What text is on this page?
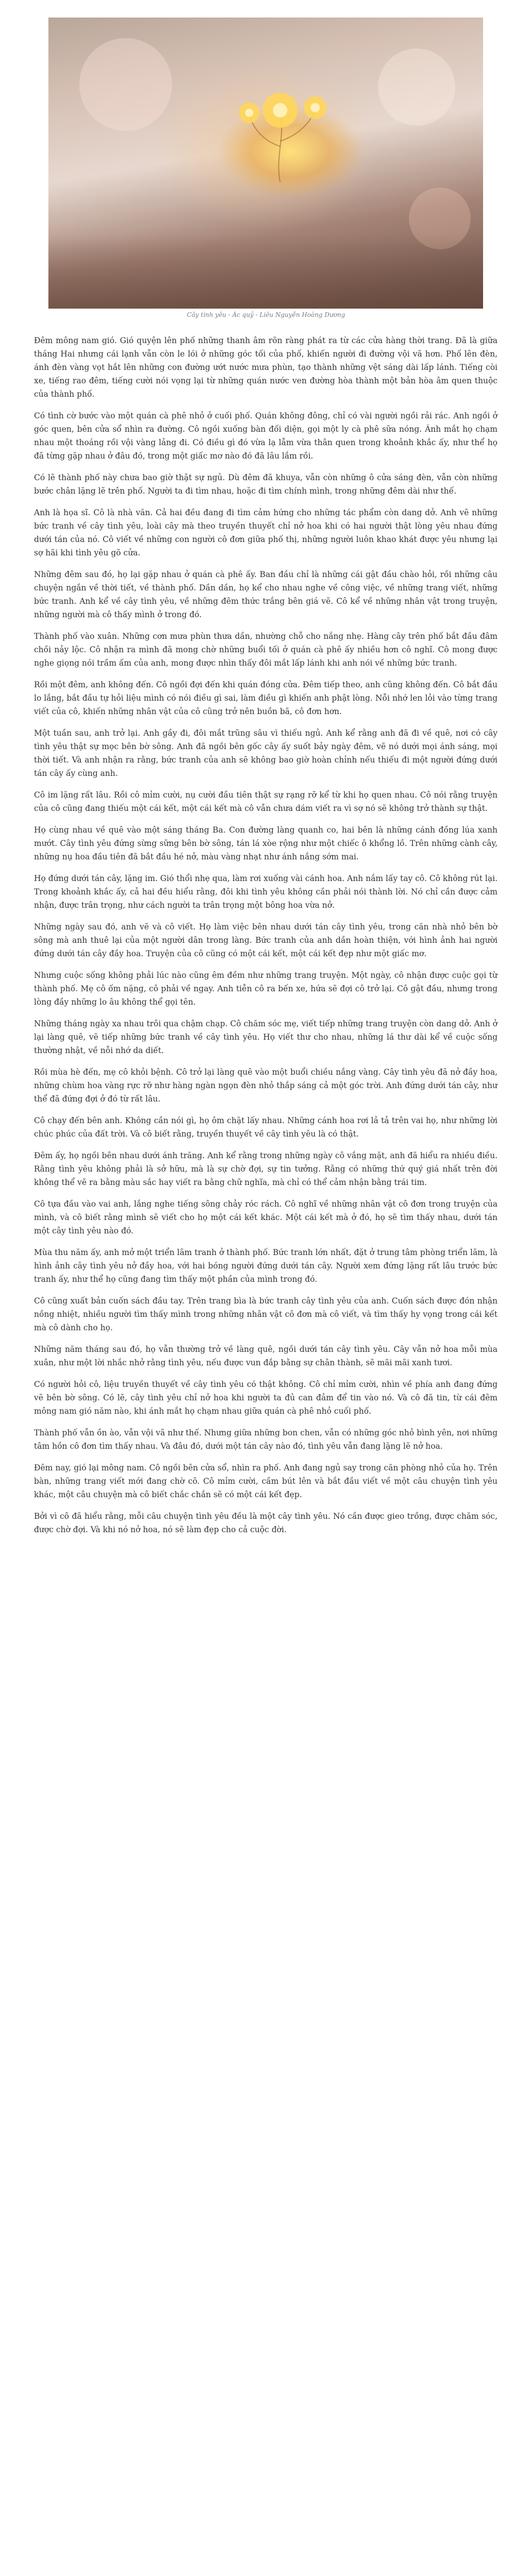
Cây tình yêu - Ác quỷ - Liêu Nguyễn Hoàng Dương

Đêm mông nam gió. Gió quyện lên phố những thanh âm rõn ràng phát ra từ các cửa hàng thời trang. Đã là giữa tháng Hai nhưng cái lạnh vẫn còn le lói ở những góc tối của phố, khiến người đi đường vội vã hơn. Phố lên đèn, ánh đèn vàng vọt hắt lên những con đường ướt nước mưa phùn, tạo thành những vệt sáng dài lấp lánh. Tiếng còi xe, tiếng rao đêm, tiếng cười nói vọng lại từ những quán nước ven đường hòa thành một bản hòa âm quen thuộc của thành phố.

Có tình cờ bước vào một quán cà phê nhỏ ở cuối phố. Quán không đông, chỉ có vài người ngồi rải rác. Anh ngồi ở góc quen, bên cửa sổ nhìn ra đường. Cô ngồi xuống bàn đối diện, gọi một ly cà phê sữa nóng. Ánh mắt họ chạm nhau một thoáng rồi vội vàng lảng đi. Có điều gì đó vừa lạ lẫm vừa thân quen trong khoảnh khắc ấy, như thể họ đã từng gặp nhau ở đâu đó, trong một giấc mơ nào đó đã lâu lắm rồi.

Có lẽ thành phố này chưa bao giờ thật sự ngủ. Dù đêm đã khuya, vẫn còn những ô cửa sáng đèn, vẫn còn những bước chân lặng lẽ trên phố. Người ta đi tìm nhau, hoặc đi tìm chính mình, trong những đêm dài như thế.

Anh là họa sĩ. Cô là nhà văn. Cả hai đều đang đi tìm cảm hứng cho những tác phẩm còn dang dở. Anh vẽ những bức tranh về cây tình yêu, loài cây mà theo truyền thuyết chỉ nở hoa khi có hai người thật lòng yêu nhau đứng dưới tán của nó. Cô viết về những con người cô đơn giữa phố thị, những người luôn khao khát được yêu nhưng lại sợ hãi khi tình yêu gõ cửa.

Những đêm sau đó, họ lại gặp nhau ở quán cà phê ấy. Ban đầu chỉ là những cái gật đầu chào hỏi, rồi những câu chuyện ngắn về thời tiết, về thành phố. Dần dần, họ kể cho nhau nghe về công việc, về những trang viết, những bức tranh. Anh kể về cây tình yêu, về những đêm thức trắng bên giá vẽ. Cô kể về những nhân vật trong truyện, những người mà cô thấy mình ở trong đó.

Thành phố vào xuân. Những cơn mưa phùn thưa dần, nhường chỗ cho nắng nhẹ. Hàng cây trên phố bắt đầu đâm chồi nảy lộc. Cô nhận ra mình đã mong chờ những buổi tối ở quán cà phê ấy nhiều hơn cô nghĩ. Cô mong được nghe giọng nói trầm ấm của anh, mong được nhìn thấy đôi mắt lấp lánh khi anh nói về những bức tranh.

Rồi một đêm, anh không đến. Cô ngồi đợi đến khi quán đóng cửa. Đêm tiếp theo, anh cũng không đến. Cô bắt đầu lo lắng, bắt đầu tự hỏi liệu mình có nói điều gì sai, làm điều gì khiến anh phật lòng. Nỗi nhớ len lỏi vào từng trang viết của cô, khiến những nhân vật của cô cũng trở nên buồn bã, cô đơn hơn.

Một tuần sau, anh trở lại. Anh gầy đi, đôi mắt trũng sâu vì thiếu ngủ. Anh kể rằng anh đã đi về quê, nơi có cây tình yêu thật sự mọc bên bờ sông. Anh đã ngồi bên gốc cây ấy suốt bảy ngày đêm, vẽ nó dưới mọi ánh sáng, mọi thời tiết. Và anh nhận ra rằng, bức tranh của anh sẽ không bao giờ hoàn chỉnh nếu thiếu đi một người đứng dưới tán cây ấy cùng anh.

Cô im lặng rất lâu. Rồi cô mỉm cười, nụ cười đầu tiên thật sự rạng rỡ kể từ khi họ quen nhau. Cô nói rằng truyện của cô cũng đang thiếu một cái kết, một cái kết mà cô vẫn chưa dám viết ra vì sợ nó sẽ không trở thành sự thật.

Họ cùng nhau về quê vào một sáng tháng Ba. Con đường làng quanh co, hai bên là những cánh đồng lúa xanh mướt. Cây tình yêu đứng sừng sững bên bờ sông, tán lá xòe rộng như một chiếc ô khổng lồ. Trên những cành cây, những nụ hoa đầu tiên đã bắt đầu hé nở, màu vàng nhạt như ánh nắng sớm mai.

Họ đứng dưới tán cây, lặng im. Gió thổi nhẹ qua, làm rơi xuống vài cánh hoa. Anh nắm lấy tay cô. Cô không rút lại. Trong khoảnh khắc ấy, cả hai đều hiểu rằng, đôi khi tình yêu không cần phải nói thành lời. Nó chỉ cần được cảm nhận, được trân trọng, như cách người ta trân trọng một bông hoa vừa nở.

Những ngày sau đó, anh vẽ và cô viết. Họ làm việc bên nhau dưới tán cây tình yêu, trong căn nhà nhỏ bên bờ sông mà anh thuê lại của một người dân trong làng. Bức tranh của anh dần hoàn thiện, với hình ảnh hai người đứng dưới tán cây đầy hoa. Truyện của cô cũng có một cái kết, một cái kết đẹp như một giấc mơ.

Nhưng cuộc sống không phải lúc nào cũng êm đềm như những trang truyện. Một ngày, cô nhận được cuộc gọi từ thành phố. Mẹ cô ốm nặng, cô phải về ngay. Anh tiễn cô ra bến xe, hứa sẽ đợi cô trở lại. Cô gật đầu, nhưng trong lòng đầy những lo âu không thể gọi tên.

Những tháng ngày xa nhau trôi qua chậm chạp. Cô chăm sóc mẹ, viết tiếp những trang truyện còn dang dở. Anh ở lại làng quê, vẽ tiếp những bức tranh về cây tình yêu. Họ viết thư cho nhau, những lá thư dài kể về cuộc sống thường nhật, về nỗi nhớ da diết.

Rồi mùa hè đến, mẹ cô khỏi bệnh. Cô trở lại làng quê vào một buổi chiều nắng vàng. Cây tình yêu đã nở đầy hoa, những chùm hoa vàng rực rỡ như hàng ngàn ngọn đèn nhỏ thắp sáng cả một góc trời. Anh đứng dưới tán cây, như thể đã đứng đợi ở đó từ rất lâu.

Cô chạy đến bên anh. Không cần nói gì, họ ôm chặt lấy nhau. Những cánh hoa rơi lả tả trên vai họ, như những lời chúc phúc của đất trời. Và cô biết rằng, truyền thuyết về cây tình yêu là có thật.

Đêm ấy, họ ngồi bên nhau dưới ánh trăng. Anh kể rằng trong những ngày cô vắng mặt, anh đã hiểu ra nhiều điều. Rằng tình yêu không phải là sở hữu, mà là sự chờ đợi, sự tin tưởng. Rằng có những thứ quý giá nhất trên đời không thể vẽ ra bằng màu sắc hay viết ra bằng chữ nghĩa, mà chỉ có thể cảm nhận bằng trái tim.

Cô tựa đầu vào vai anh, lắng nghe tiếng sông chảy róc rách. Cô nghĩ về những nhân vật cô đơn trong truyện của mình, và cô biết rằng mình sẽ viết cho họ một cái kết khác. Một cái kết mà ở đó, họ sẽ tìm thấy nhau, dưới tán một cây tình yêu nào đó.

Mùa thu năm ấy, anh mở một triển lãm tranh ở thành phố. Bức tranh lớn nhất, đặt ở trung tâm phòng triển lãm, là hình ảnh cây tình yêu nở đầy hoa, với hai bóng người đứng dưới tán cây. Người xem đứng lặng rất lâu trước bức tranh ấy, như thể họ cũng đang tìm thấy một phần của mình trong đó.

Cô cũng xuất bản cuốn sách đầu tay. Trên trang bìa là bức tranh cây tình yêu của anh. Cuốn sách được đón nhận nồng nhiệt, nhiều người tìm thấy mình trong những nhân vật cô đơn mà cô viết, và tìm thấy hy vọng trong cái kết mà cô dành cho họ.

Những năm tháng sau đó, họ vẫn thường trở về làng quê, ngồi dưới tán cây tình yêu. Cây vẫn nở hoa mỗi mùa xuân, như một lời nhắc nhở rằng tình yêu, nếu được vun đắp bằng sự chân thành, sẽ mãi mãi xanh tươi.

Có người hỏi cô, liệu truyền thuyết về cây tình yêu có thật không. Cô chỉ mỉm cười, nhìn về phía anh đang đứng vẽ bên bờ sông. Có lẽ, cây tình yêu chỉ nở hoa khi người ta đủ can đảm để tin vào nó. Và cô đã tin, từ cái đêm mông nam gió năm nào, khi ánh mắt họ chạm nhau giữa quán cà phê nhỏ cuối phố.

Thành phố vẫn ồn ào, vẫn vội vã như thế. Nhưng giữa những bon chen, vẫn có những góc nhỏ bình yên, nơi những tâm hồn cô đơn tìm thấy nhau. Và đâu đó, dưới một tán cây nào đó, tình yêu vẫn đang lặng lẽ nở hoa.

Đêm nay, gió lại mông nam. Cô ngồi bên cửa sổ, nhìn ra phố. Anh đang ngủ say trong căn phòng nhỏ của họ. Trên bàn, những trang viết mới đang chờ cô. Cô mỉm cười, cầm bút lên và bắt đầu viết về một câu chuyện tình yêu khác, một câu chuyện mà cô biết chắc chắn sẽ có một cái kết đẹp.

Bởi vì cô đã hiểu rằng, mỗi câu chuyện tình yêu đều là một cây tình yêu. Nó cần được gieo trồng, được chăm sóc, được chờ đợi. Và khi nó nở hoa, nó sẽ làm đẹp cho cả cuộc đời.
